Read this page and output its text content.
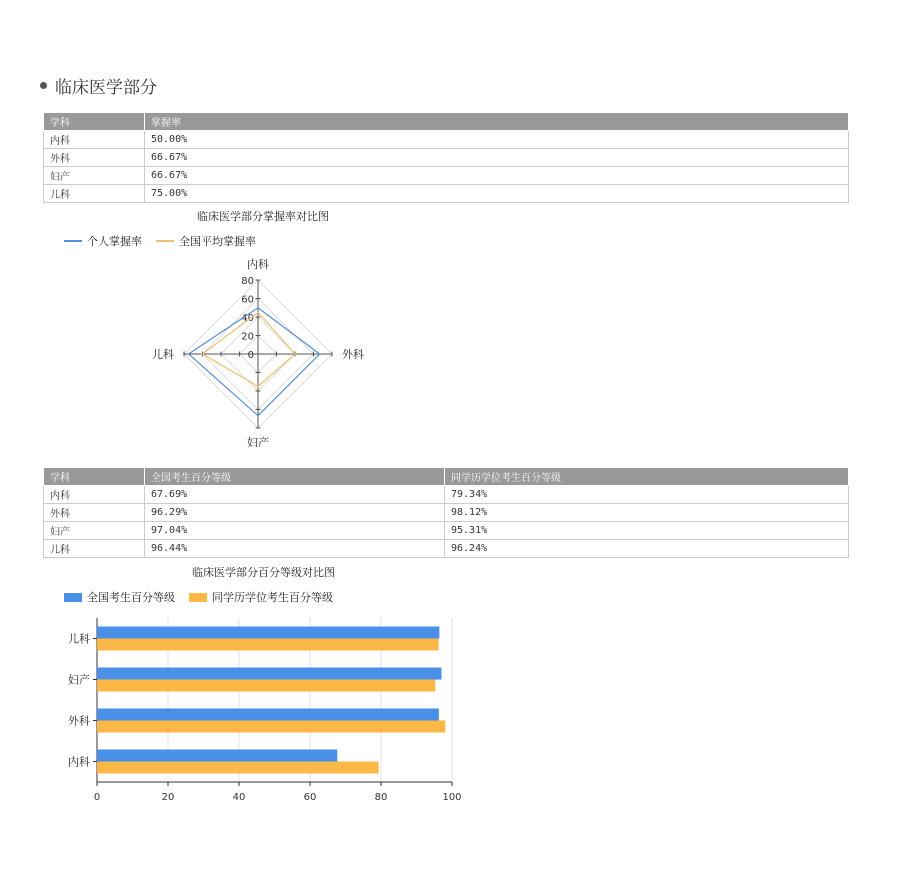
临床医学部分
学科	掌握率
内科	50.00%
外科	66.67%
妇产	66.67%
儿科	75.00%
临床医学部分掌握率对比图
个人掌握率	全国平均掌握率
0
20
40
60
80
内科
外科
妇产
儿科
学科	全国考生百分等级	同学历学位考生百分等级
内科	67.69%	79.34%
外科	96.29%	98.12%
妇产	97.04%	95.31%
儿科	96.44%	96.24%
临床医学部分百分等级对比图
全国考生百分等级	同学历学位考生百分等级
0	20	40	60	80	100
内科
外科
妇产
儿科
